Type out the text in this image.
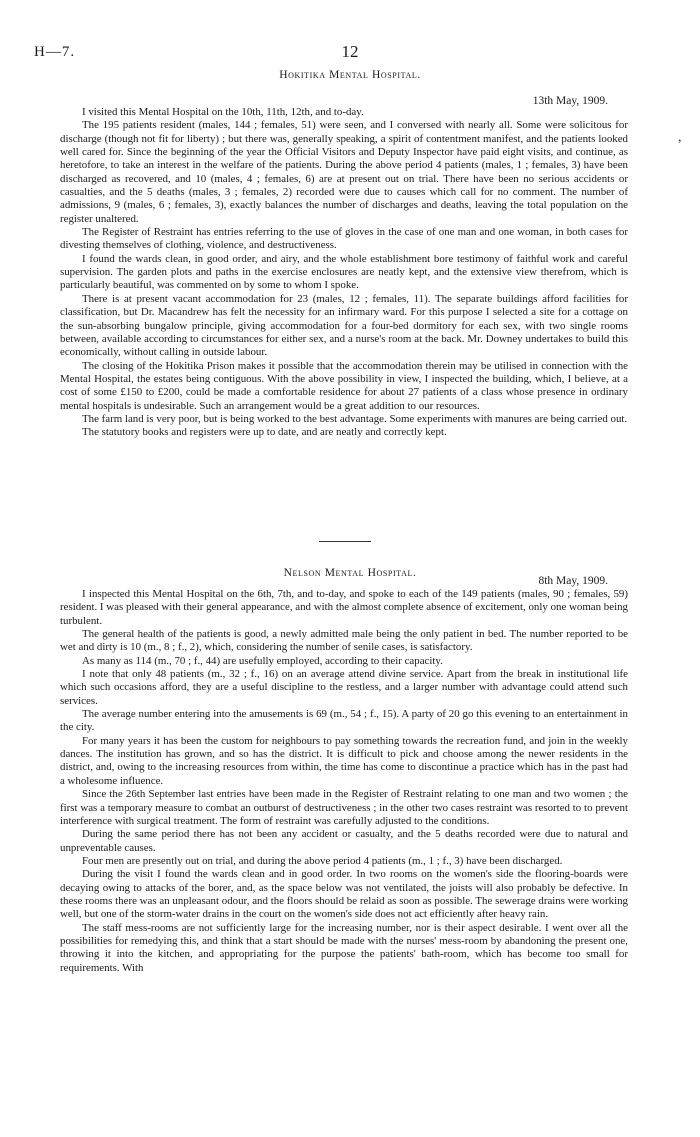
H—7.	12
,
Hokitika Mental Hospital.
13th May, 1909.

I visited this Mental Hospital on the 10th, 11th, 12th, and to-day.

The 195 patients resident (males, 144 ; females, 51) were seen, and I conversed with nearly all. Some were solicitous for discharge (though not fit for liberty) ; but there was, generally speaking, a spirit of contentment manifest, and the patients looked well cared for. Since the beginning of the year the Official Visitors and Deputy Inspector have paid eight visits, and continue, as heretofore, to take an interest in the welfare of the patients. During the above period 4 patients (males, 1 ; females, 3) have been discharged as recovered, and 10 (males, 4 ; females, 6) are at present out on trial. There have been no serious accidents or casualties, and the 5 deaths (males, 3 ; females, 2) recorded were due to causes which call for no comment. The number of admissions, 9 (males, 6 ; females, 3), exactly balances the number of discharges and deaths, leaving the total population on the register unaltered.

The Register of Restraint has entries referring to the use of gloves in the case of one man and one woman, in both cases for divesting themselves of clothing, violence, and destructiveness.

I found the wards clean, in good order, and airy, and the whole establishment bore testimony of faithful work and careful supervision. The garden plots and paths in the exercise enclosures are neatly kept, and the extensive view therefrom, which is particularly beautiful, was commented on by some to whom I spoke.

There is at present vacant accommodation for 23 (males, 12 ; females, 11). The separate buildings afford facilities for classification, but Dr. Macandrew has felt the necessity for an infirmary ward. For this purpose I selected a site for a cottage on the sun-absorbing bungalow principle, giving accommodation for a four-bed dormitory for each sex, with two single rooms between, available according to circumstances for either sex, and a nurse's room at the back. Mr. Downey undertakes to build this economically, without calling in outside labour.

The closing of the Hokitika Prison makes it possible that the accommodation therein may be utilised in connection with the Mental Hospital, the estates being contiguous. With the above possibility in view, I inspected the building, which, I believe, at a cost of some £150 to £200, could be made a comfortable residence for about 27 patients of a class whose presence in ordinary mental hospitals is undesirable. Such an arrangement would be a great addition to our resources.

The farm land is very poor, but is being worked to the best advantage. Some experiments with manures are being carried out.

The statutory books and registers were up to date, and are neatly and correctly kept.

Nelson Mental Hospital.
8th May, 1909.

I inspected this Mental Hospital on the 6th, 7th, and to-day, and spoke to each of the 149 patients (males, 90 ; females, 59) resident. I was pleased with their general appearance, and with the almost complete absence of excitement, only one woman being turbulent.

The general health of the patients is good, a newly admitted male being the only patient in bed. The number reported to be wet and dirty is 10 (m., 8 ; f., 2), which, considering the number of senile cases, is satisfactory.

As many as 114 (m., 70 ; f., 44) are usefully employed, according to their capacity.

I note that only 48 patients (m., 32 ; f., 16) on an average attend divine service. Apart from the break in institutional life which such occasions afford, they are a useful discipline to the restless, and a larger number with advantage could attend such services.

The average number entering into the amusements is 69 (m., 54 ; f., 15). A party of 20 go this evening to an entertainment in the city.

For many years it has been the custom for neighbours to pay something towards the recreation fund, and join in the weekly dances. The institution has grown, and so has the district. It is difficult to pick and choose among the newer residents in the district, and, owing to the increasing resources from within, the time has come to discontinue a practice which has in the past had a wholesome influence.

Since the 26th September last entries have been made in the Register of Restraint relating to one man and two women ; the first was a temporary measure to combat an outburst of destructiveness ; in the other two cases restraint was resorted to to prevent interference with surgical treatment. The form of restraint was carefully adjusted to the conditions.

During the same period there has not been any accident or casualty, and the 5 deaths recorded were due to natural and unpreventable causes.

Four men are presently out on trial, and during the above period 4 patients (m., 1 ; f., 3) have been discharged.

During the visit I found the wards clean and in good order. In two rooms on the women's side the flooring-boards were decaying owing to attacks of the borer, and, as the space below was not ventilated, the joists will also probably be defective. In these rooms there was an unpleasant odour, and the floors should be relaid as soon as possible. The sewerage drains were working well, but one of the storm-water drains in the court on the women's side does not act efficiently after heavy rain.

The staff mess-rooms are not sufficiently large for the increasing number, nor is their aspect desirable. I went over all the possibilities for remedying this, and think that a start should be made with the nurses' mess-room by abandoning the present one, throwing it into the kitchen, and appropriating for the purpose the patients' bath-room, which has become too small for requirements. With
